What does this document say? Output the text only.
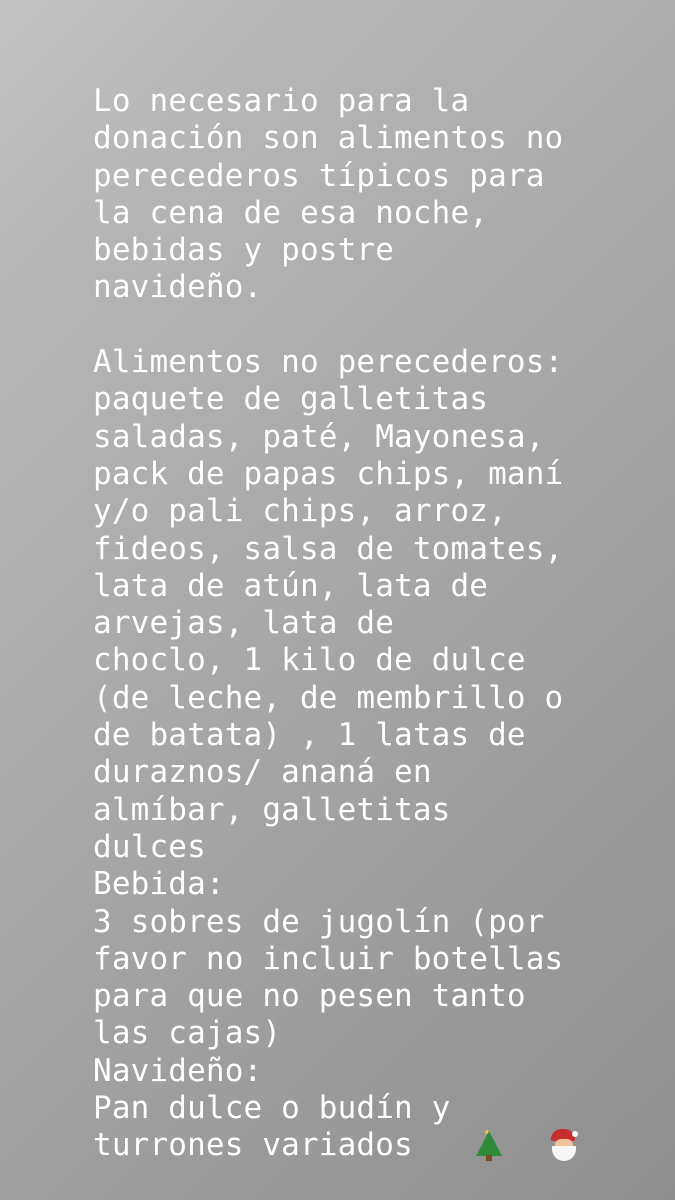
Lo necesario para la
donación son alimentos no
perecederos típicos para
la cena de esa noche,
bebidas y postre
navideño.
Alimentos no perecederos:
paquete de galletitas
saladas, paté, Mayonesa,
pack de papas chips, maní
y/o pali chips, arroz,
fideos, salsa de tomates,
lata de atún, lata de
arvejas, lata de
choclo, 1 kilo de dulce
(de leche, de membrillo o
de batata) , 1 latas de
duraznos/ ananá en
almíbar, galletitas
dulces
Bebida:
3 sobres de jugolín (por
favor no incluir botellas
para que no pesen tanto
las cajas)
Navideño:
Pan dulce o budín y
turrones variados	★
